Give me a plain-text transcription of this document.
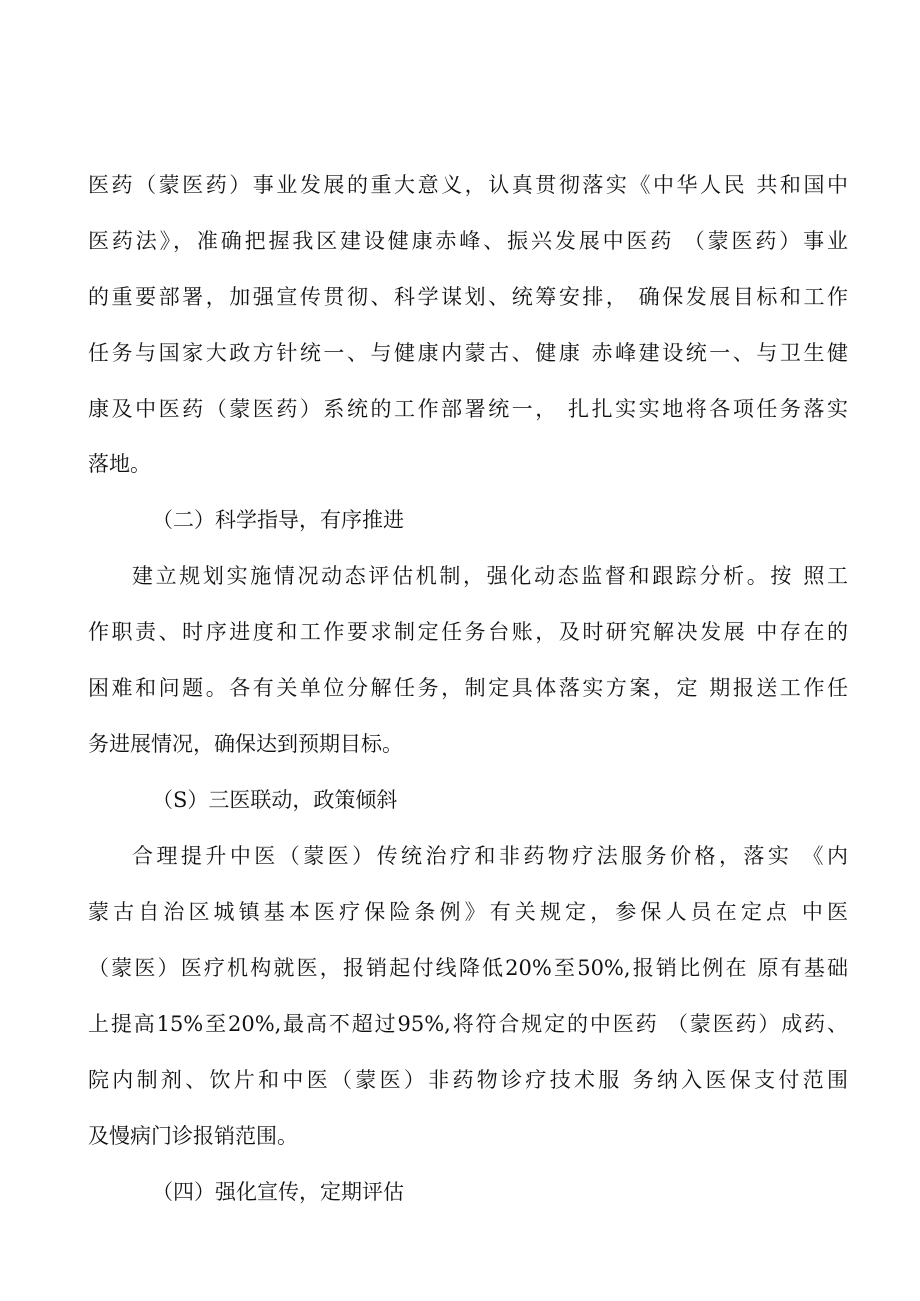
医药（蒙医药）事业发展的重大意义，认真贯彻落实《中华人民 共和国中
医药法》，准确把握我区建设健康赤峰、振兴发展中医药 （蒙医药）事业
的重要部署，加强宣传贯彻、科学谋划、统筹安排， 确保发展目标和工作
任务与国家大政方针统一、与健康内蒙古、健康 赤峰建设统一、与卫生健
康及中医药（蒙医药）系统的工作部署统一， 扎扎实实地将各项任务落实
落地。
（二）科学指导，有序推进
建立规划实施情况动态评估机制，强化动态监督和跟踪分析。按 照工
作职责、时序进度和工作要求制定任务台账，及时研究解决发展 中存在的
困难和问题。各有关单位分解任务，制定具体落实方案，定 期报送工作任
务进展情况，确保达到预期目标。
（S）三医联动，政策倾斜
合理提升中医（蒙医）传统治疗和非药物疗法服务价格，落实 《内
蒙古自治区城镇基本医疗保险条例》有关规定，参保人员在定点 中医
（蒙医）医疗机构就医，报销起付线降低20%至50%,报销比例在 原有基础
上提高15%至20%,最高不超过95%,将符合规定的中医药 （蒙医药）成药、
院内制剂、饮片和中医（蒙医）非药物诊疗技术服 务纳入医保支付范围
及慢病门诊报销范围。
（四）强化宣传，定期评估
